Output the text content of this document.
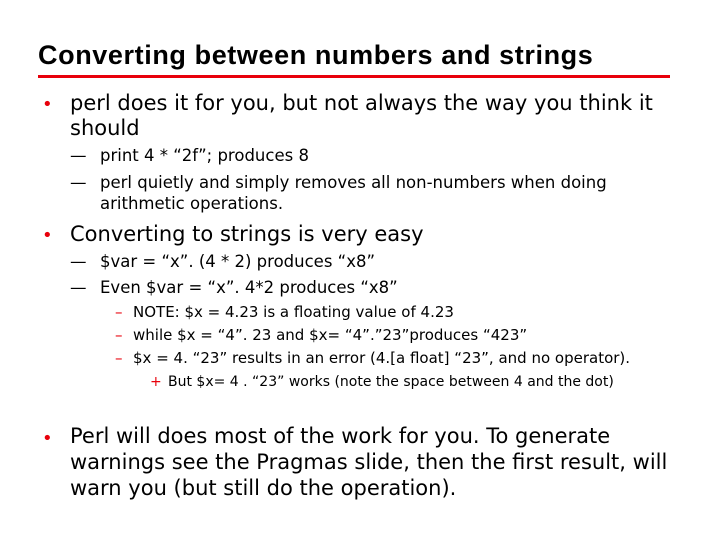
Converting between numbers and strings
• perl does it for you, but not always the way you think it
should
— print 4 * “2f”; produces 8
— perl quietly and simply removes all non-numbers when doing
arithmetic operations.
• Converting to strings is very easy
— $var = “x”. (4 * 2) produces “x8”
— Even $var = “x”. 4*2 produces “x8”
– NOTE: $x = 4.23 is a floating value of 4.23
– while $x = “4”. 23 and $x= “4”.”23”produces “423”
– $x = 4. “23” results in an error (4.[a float] “23”, and no operator).
+ But $x= 4 . “23” works (note the space between 4 and the dot)
• Perl will does most of the work for you. To generate
warnings see the Pragmas slide, then the first result, will
warn you (but still do the operation).
